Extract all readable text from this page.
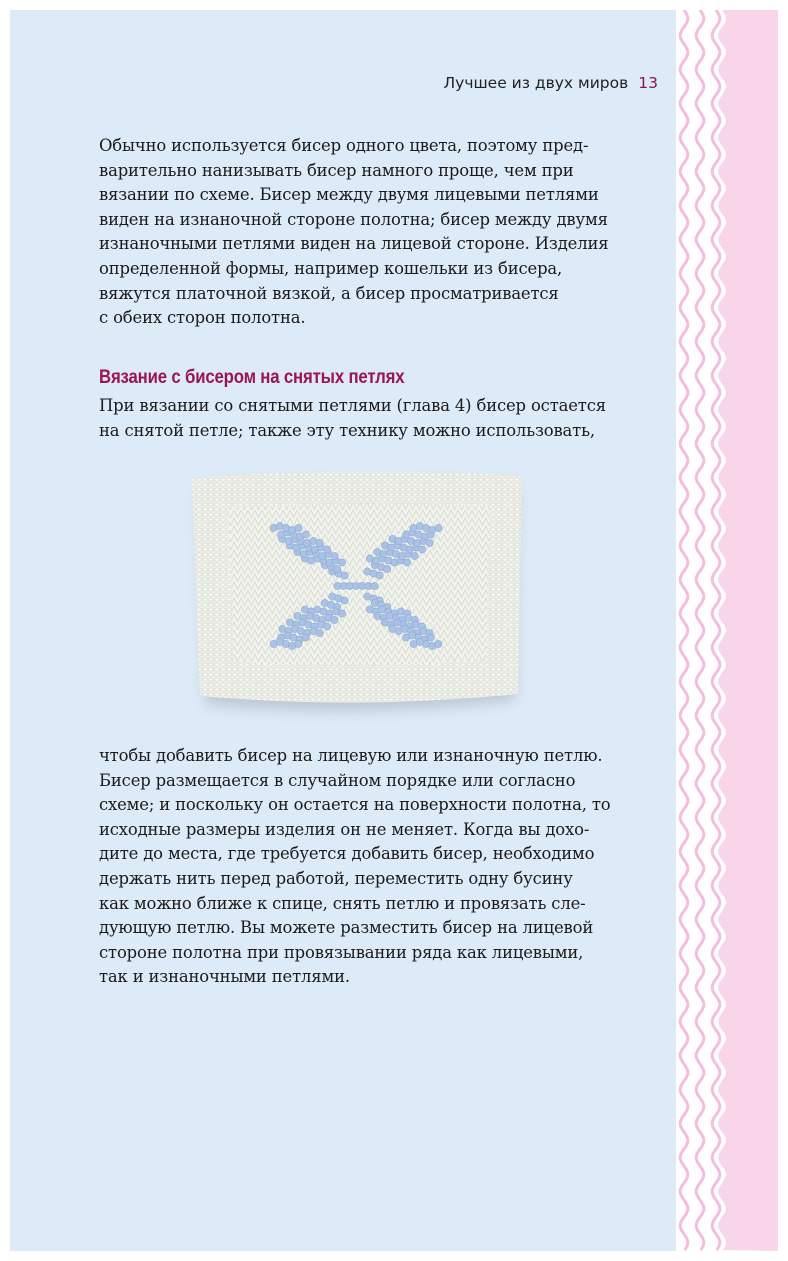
Лучшее из двух миров 13
Обычно используется бисер одного цвета, поэтому пред-
варительно нанизывать бисер намного проще, чем при
вязании по схеме. Бисер между двумя лицевыми петлями
виден на изнаночной стороне полотна; бисер между двумя
изнаночными петлями виден на лицевой стороне. Изделия
определенной формы, например кошельки из бисера,
вяжутся платочной вязкой, а бисер просматривается
с обеих сторон полотна.
Вязание с бисером на снятых петлях
При вязании со снятыми петлями (глава 4) бисер остается
на снятой петле; также эту технику можно использовать,
чтобы добавить бисер на лицевую или изнаночную петлю.
Бисер размещается в случайном порядке или согласно
схеме; и поскольку он остается на поверхности полотна, то
исходные размеры изделия он не меняет. Когда вы дохо-
дите до места, где требуется добавить бисер, необходимо
держать нить перед работой, переместить одну бусину
как можно ближе к спице, снять петлю и провязать сле-
дующую петлю. Вы можете разместить бисер на лицевой
стороне полотна при провязывании ряда как лицевыми,
так и изнаночными петлями.
